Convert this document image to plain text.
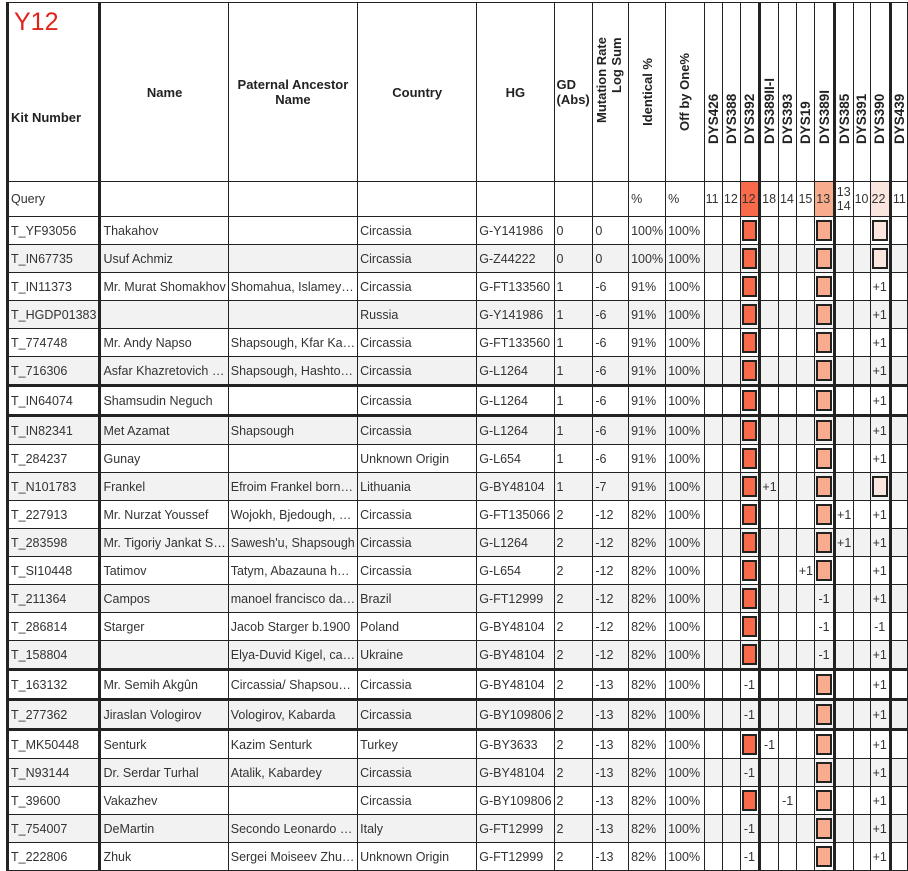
Y12
Kit Number	Name	Paternal Ancestor Name	Country	HG	GD (Abs)	Mutation Rate Log Sum	Identical %	Off by One%	DYS426	DYS388	DYS392	DYS389II-I	DYS393	DYS19	DYS389I	DYS385	DYS391	DYS390	DYS439

Query							%	%	11	12	12	18	14	15	13	13 14	10	22	11
T_YF93056	Thakahov		Circassia	G-Y141986	0	0	100%	100%			

T_IN67735	Usuf Achmiz		Circassia	G-Z44222	0	0	100%	100%			

T_IN11373	Mr. Murat Shomakhov	Shomahua, Islamey…	Circassia	G-FT133560	1	-6	91%	100%										+1	
T_HGDP01383			Russia	G-Y141986	1	-6	91%	100%										+1	
T_774748	Mr. Andy Napso	Shapsough, Kfar Ka…	Circassia	G-FT133560	1	-6	91%	100%										+1	
T_716306	Asfar Khazretovich …	Shapsough, Hashto…	Circassia	G-L1264	1	-6	91%	100%										+1	
T_IN64074	Shamsudin Neguch		Circassia	G-L1264	1	-6	91%	100%										+1	
T_IN82341	Met Azamat	Shapsough	Circassia	G-L1264	1	-6	91%	100%										+1	
T_284237	Gunay		Unknown Origin	G-L654	1	-6	91%	100%										+1	
T_N101783	Frankel	Efroim Frankel born…	Lithuania	G-BY48104	1	-7	91%	100%				+1			

T_227913	Mr. Nurzat Youssef	Wojokh, Bjedough, …	Circassia	G-FT135066	2	-12	82%	100%								+1		+1	
T_283598	Mr. Tigoriy Jankat S…	Sawesh'u, Shapsough	Circassia	G-L1264	2	-12	82%	100%								+1		+1	
T_SI10448	Tatimov	Tatym, Abazauna h…	Circassia	G-L654	2	-12	82%	100%						+1				+1	
T_211364	Campos	manoel francisco da…	Brazil	G-FT12999	2	-12	82%	100%							-1			+1	
T_286814	Starger	Jacob Starger b.1900	Poland	G-BY48104	2	-12	82%	100%							-1			-1	
T_158804		Elya-Duvid Kigel, ca…	Ukraine	G-BY48104	2	-12	82%	100%							-1			+1	
T_163132	Mr. Semih Akgûn	Circassia/ Shapsou…	Circassia	G-BY48104	2	-13	82%	100%			-1							+1	
T_277362	Jiraslan Vologirov	Vologirov, Kabarda	Circassia	G-BY109806	2	-13	82%	100%			-1							+1	
T_MK50448	Senturk	Kazim Senturk	Turkey	G-BY3633	2	-13	82%	100%				-1						+1	
T_N93144	Dr. Serdar Turhal	Atalik, Kabardey	Circassia	G-BY48104	2	-13	82%	100%			-1							+1	
T_39600	Vakazhev		Circassia	G-BY109806	2	-13	82%	100%					-1					+1	
T_754007	DeMartin	Secondo Leonardo …	Italy	G-FT12999	2	-13	82%	100%			-1							+1	
T_222806	Zhuk	Sergei Moiseev Zhu…	Unknown Origin	G-FT12999	2	-13	82%	100%			-1							+1	
